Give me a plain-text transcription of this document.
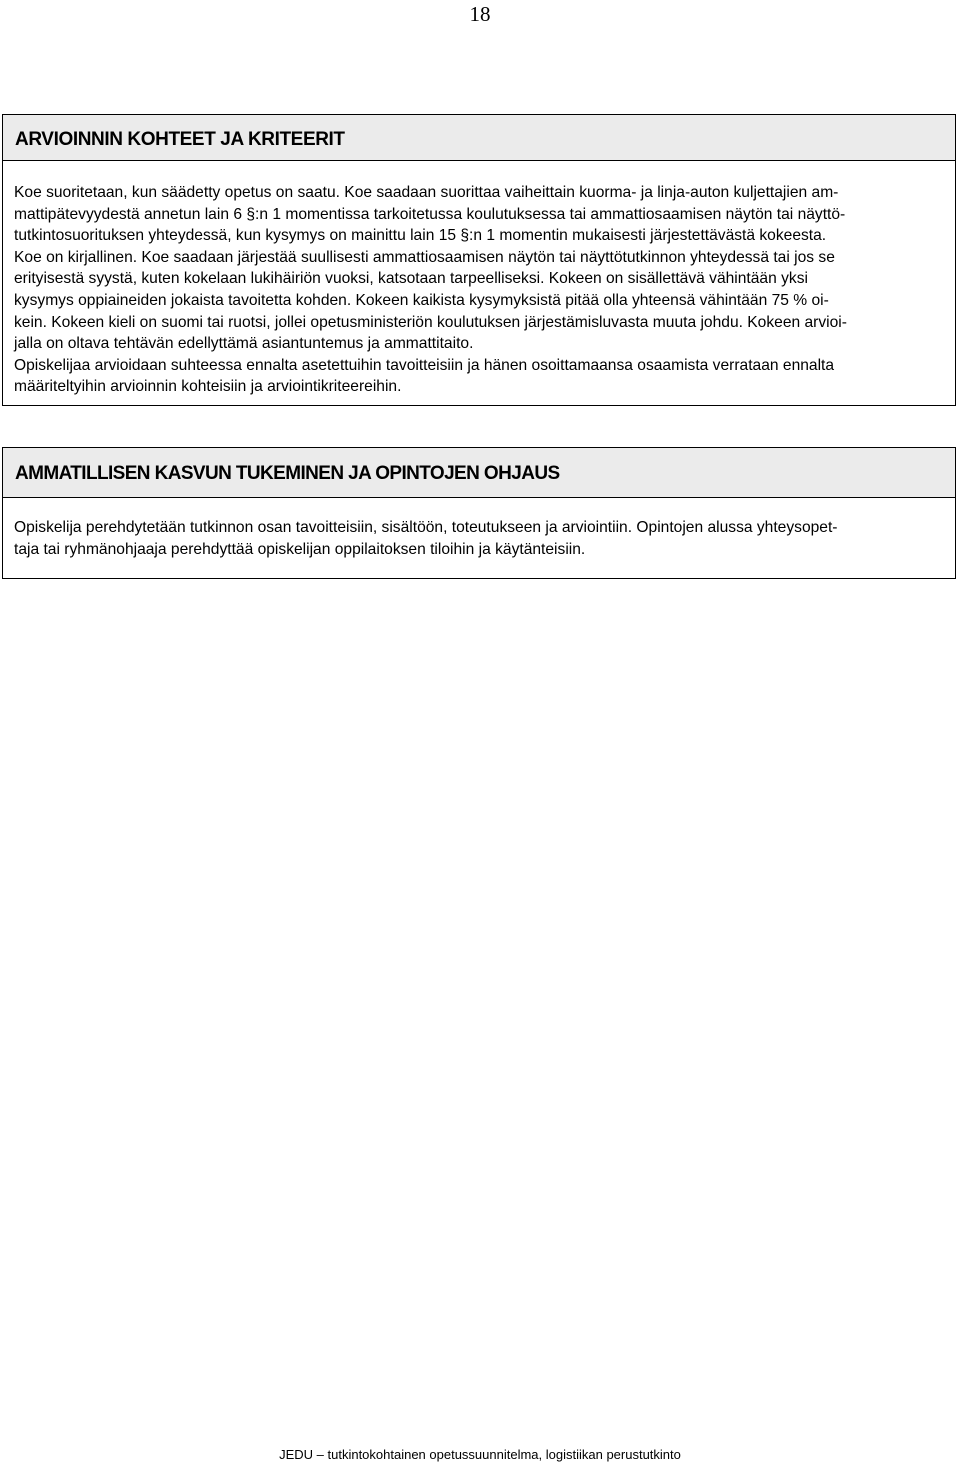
18
ARVIOINNIN KOHTEET JA KRITEERIT
Koe suoritetaan, kun säädetty opetus on saatu. Koe saadaan suorittaa vaiheittain kuorma- ja linja-auton kuljettajien am-
mattipätevyydestä annetun lain 6 §:n 1 momentissa tarkoitetussa koulutuksessa tai ammattiosaamisen näytön tai näyttö-
tutkintosuorituksen yhteydessä, kun kysymys on mainittu lain 15 §:n 1 momentin mukaisesti järjestettävästä kokeesta.
Koe on kirjallinen. Koe saadaan järjestää suullisesti ammattiosaamisen näytön tai näyttötutkinnon yhteydessä tai jos se
erityisestä syystä, kuten kokelaan lukihäiriön vuoksi, katsotaan tarpeelliseksi. Kokeen on sisällettävä vähintään yksi
kysymys oppiaineiden jokaista tavoitetta kohden. Kokeen kaikista kysymyksistä pitää olla yhteensä vähintään 75 % oi-
kein. Kokeen kieli on suomi tai ruotsi, jollei opetusministeriön koulutuksen järjestämisluvasta muuta johdu. Kokeen arvioi-
jalla on oltava tehtävän edellyttämä asiantuntemus ja ammattitaito.
Opiskelijaa arvioidaan suhteessa ennalta asetettuihin tavoitteisiin ja hänen osoittamaansa osaamista verrataan ennalta
määriteltyihin arvioinnin kohteisiin ja arviointikriteereihin.
AMMATILLISEN KASVUN TUKEMINEN JA OPINTOJEN OHJAUS
Opiskelija perehdytetään tutkinnon osan tavoitteisiin, sisältöön, toteutukseen ja arviointiin. Opintojen alussa yhteysopet-
taja tai ryhmänohjaaja perehdyttää opiskelijan oppilaitoksen tiloihin ja käytänteisiin.
JEDU – tutkintokohtainen opetussuunnitelma, logistiikan perustutkinto
